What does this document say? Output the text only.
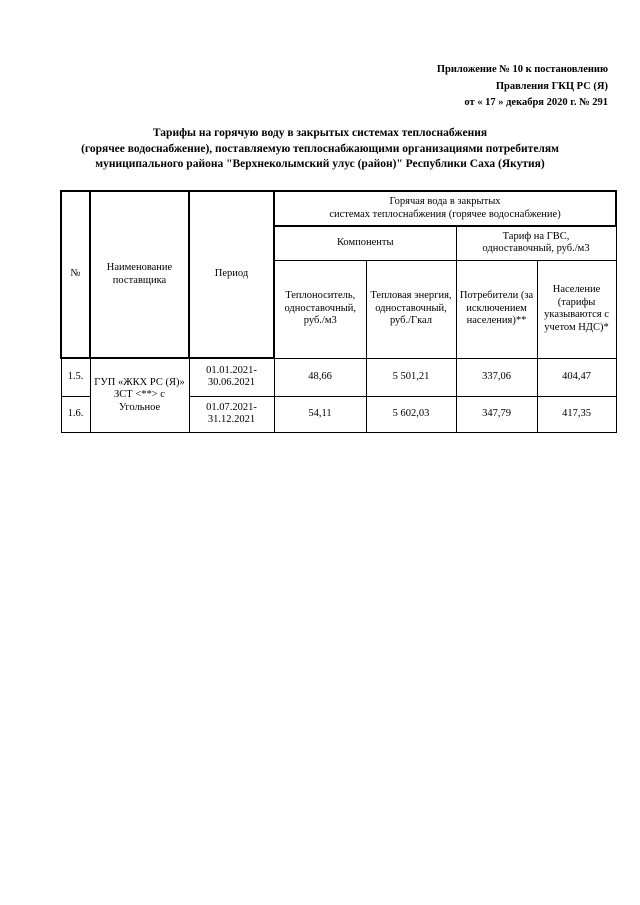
Приложение № 10 к постановлению
Правления ГКЦ РС (Я)
от « 17 » декабря 2020 г. № 291
Тарифы на горячую воду в закрытых системах теплоснабжения
(горячее водоснабжение), поставляемую теплоснабжающими организациями потребителям
муниципального района "Верхнеколымский улус (район)" Республики Саха (Якутия)
№	Наименование поставщика	Период	Горячая вода в закрытых
системах теплоснабжения (горячее водоснабжение)			

			Компоненты		Тариф на ГВС,
одноставочный, руб./м3	

			Теплоноситель, одноставочный, руб./м3	Тепловая энергия, одноставочный, руб./Гкал	Потребители (за исключением населения)**	Население (тарифы указываются с учетом НДС)*
1.5.	ГУП «ЖКХ РС (Я)» ЗСТ <**> с Угольное	01.01.2021-
30.06.2021	48,66	5 501,21	337,06	404,47
1.6.		01.07.2021-
31.12.2021	54,11	5 602,03	347,79	417,35
